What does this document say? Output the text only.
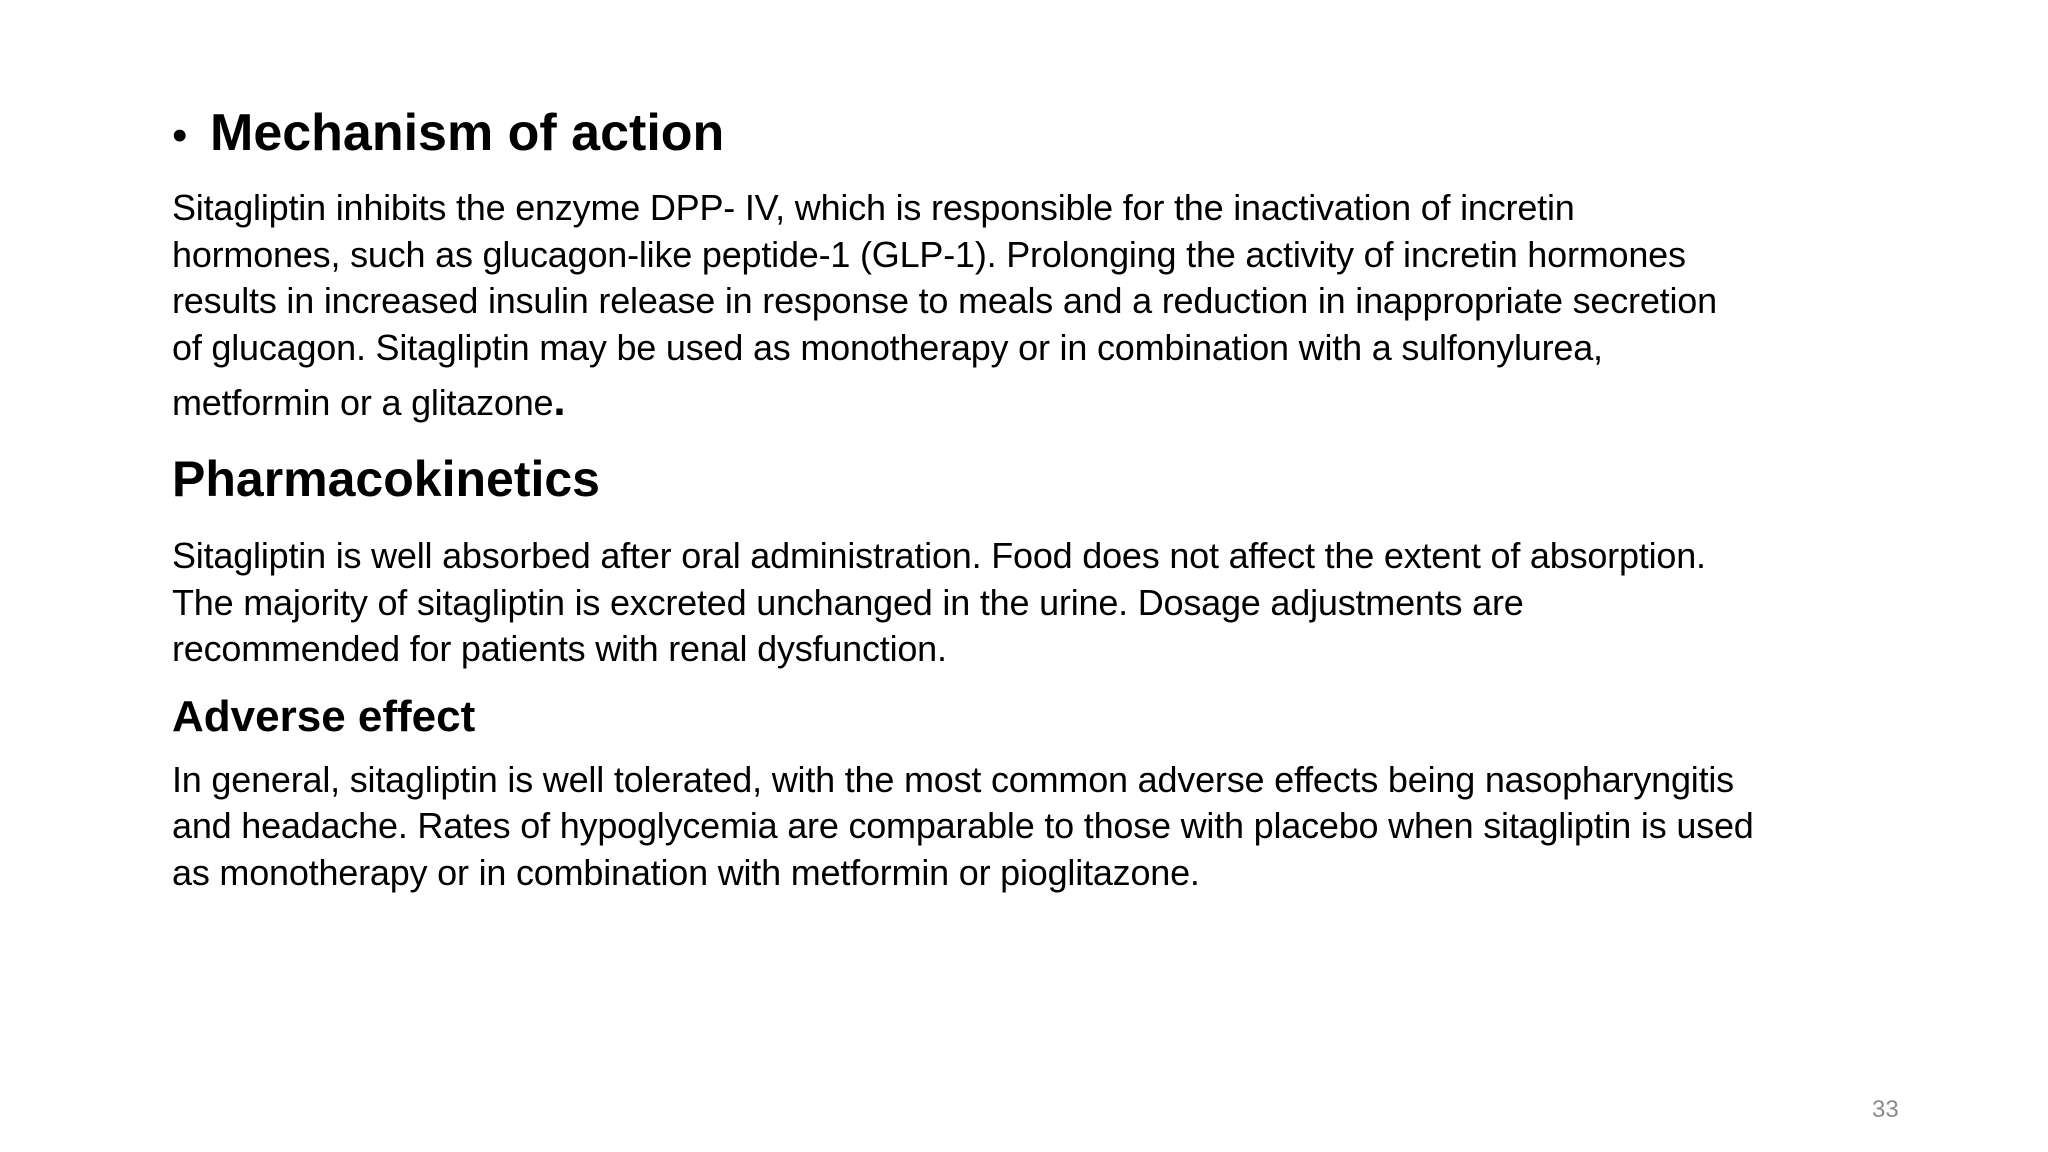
• Mechanism of action

Sitagliptin inhibits the enzyme DPP- IV, which is responsible for the inactivation of incretin
hormones, such as glucagon-like peptide-1 (GLP-1). Prolonging the activity of incretin hormones
results in increased insulin release in response to meals and a reduction in inappropriate secretion
of glucagon. Sitagliptin may be used as monotherapy or in combination with a sulfonylurea,
metformin or a glitazone.

Pharmacokinetics

Sitagliptin is well absorbed after oral administration. Food does not affect the extent of absorption.
The majority of sitagliptin is excreted unchanged in the urine. Dosage adjustments are
recommended for patients with renal dysfunction.

Adverse effect

In general, sitagliptin is well tolerated, with the most common adverse effects being nasopharyngitis
and headache. Rates of hypoglycemia are comparable to those with placebo when sitagliptin is used
as monotherapy or in combination with metformin or pioglitazone.

33
